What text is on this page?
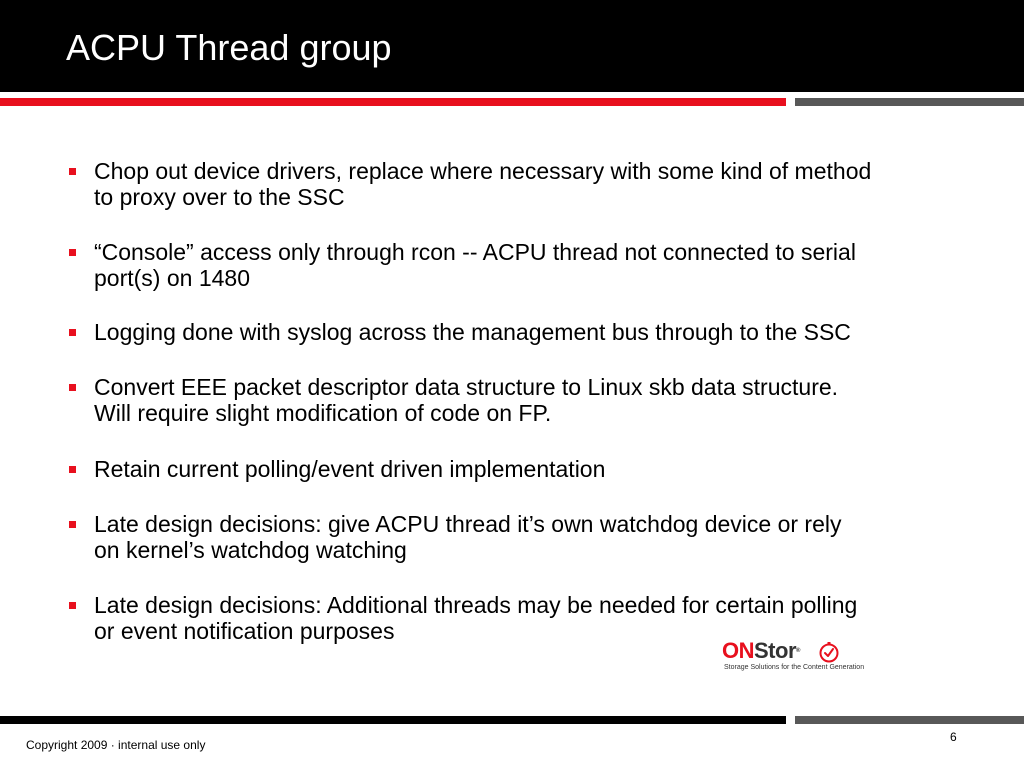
ACPU Thread group
Chop out device drivers, replace where necessary with some kind of method
to proxy over to the SSC
“Console” access only through rcon -- ACPU thread not connected to serial
port(s) on 1480
Logging done with syslog across the management bus through to the SSC
Convert EEE packet descriptor data structure to Linux skb data structure.
Will require slight modification of code on FP.
Retain current polling/event driven implementation
Late design decisions: give ACPU thread it’s own watchdog device or rely
on kernel’s watchdog watching
Late design decisions: Additional threads may be needed for certain polling
or event notification purposes
ONStor®
Storage Solutions for the Content Generation
Copyright 2009 · internal use only
6
